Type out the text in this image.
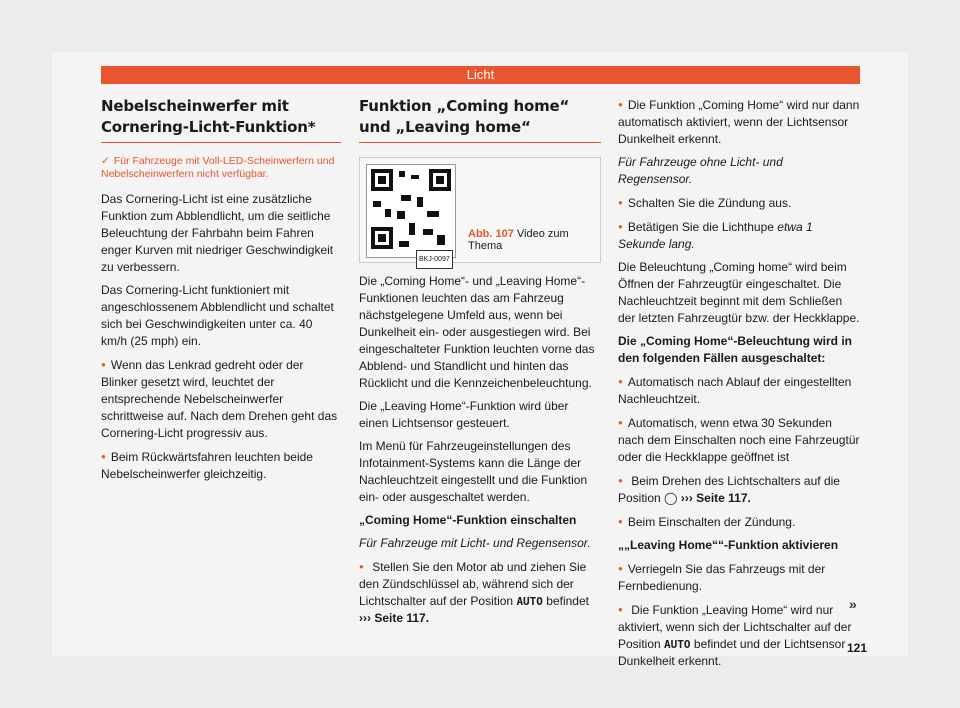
Licht
Nebelscheinwerfer mit Cornering-Licht-Funktion*
✓ Für Fahrzeuge mit Voll-LED-Scheinwerfern und Nebelscheinwerfern nicht verfügbar.

Das Cornering-Licht ist eine zusätzliche Funktion zum Abblendlicht, um die seitliche Beleuchtung der Fahrbahn beim Fahren enger Kurven mit niedriger Geschwindigkeit zu verbessern.

Das Cornering-Licht funktioniert mit angeschlossenem Abblendlicht und schaltet sich bei Geschwindigkeiten unter ca. 40 km/h (25 mph) ein.

● Wenn das Lenkrad gedreht oder der Blinker gesetzt wird, leuchtet der entsprechende Nebelscheinwerfer schrittweise auf. Nach dem Drehen geht das Cornering-Licht progressiv aus.

● Beim Rückwärtsfahren leuchten beide Nebelscheinwerfer gleichzeitig.

Funktion „Coming home“ und „Leaving home“
BKJ-0097
Abb. 107 Video zum Thema

Die „Coming Home“- und „Leaving Home“-Funktionen leuchten das am Fahrzeug nächstgelegene Umfeld aus, wenn bei Dunkelheit ein- oder ausgestiegen wird. Bei eingeschalteter Funktion leuchten vorne das Abblend- und Standlicht und hinten das Rücklicht und die Kennzeichenbeleuchtung.

Die „Leaving Home“-Funktion wird über einen Lichtsensor gesteuert.

Im Menü für Fahrzeugeinstellungen des Infotainment-Systems kann die Länge der Nachleuchtzeit eingestellt und die Funktion ein- oder ausgeschaltet werden.

„Coming Home“-Funktion einschalten

Für Fahrzeuge mit Licht- und Regensensor.

● Stellen Sie den Motor ab und ziehen Sie den Zündschlüssel ab, während sich der Lichtschalter auf der Position AUTO befindet
››› Seite 117.

● Die Funktion „Coming Home“ wird nur dann automatisch aktiviert, wenn der Lichtsensor Dunkelheit erkennt.

Für Fahrzeuge ohne Licht- und Regensensor.

● Schalten Sie die Zündung aus.

● Betätigen Sie die Lichthupe etwa 1 Sekunde lang.

Die Beleuchtung „Coming home“ wird beim Öffnen der Fahrzeugtür eingeschaltet. Die Nachleuchtzeit beginnt mit dem Schließen der letzten Fahrzeugtür bzw. der Heckklappe.

Die „Coming Home“-Beleuchtung wird in den folgenden Fällen ausgeschaltet:

● Automatisch nach Ablauf der eingestellten Nachleuchtzeit.

● Automatisch, wenn etwa 30 Sekunden nach dem Einschalten noch eine Fahrzeugtür oder die Heckklappe geöffnet ist

● Beim Drehen des Lichtschalters auf die Position ◯ ››› Seite 117.

● Beim Einschalten der Zündung.

„„Leaving Home““-Funktion aktivieren

● Verriegeln Sie das Fahrzeugs mit der Fernbedienung.

● Die Funktion „Leaving Home“ wird nur aktiviert, wenn sich der Lichtschalter auf der Position AUTO befindet und der Lichtsensor Dunkelheit erkennt.

»
121
